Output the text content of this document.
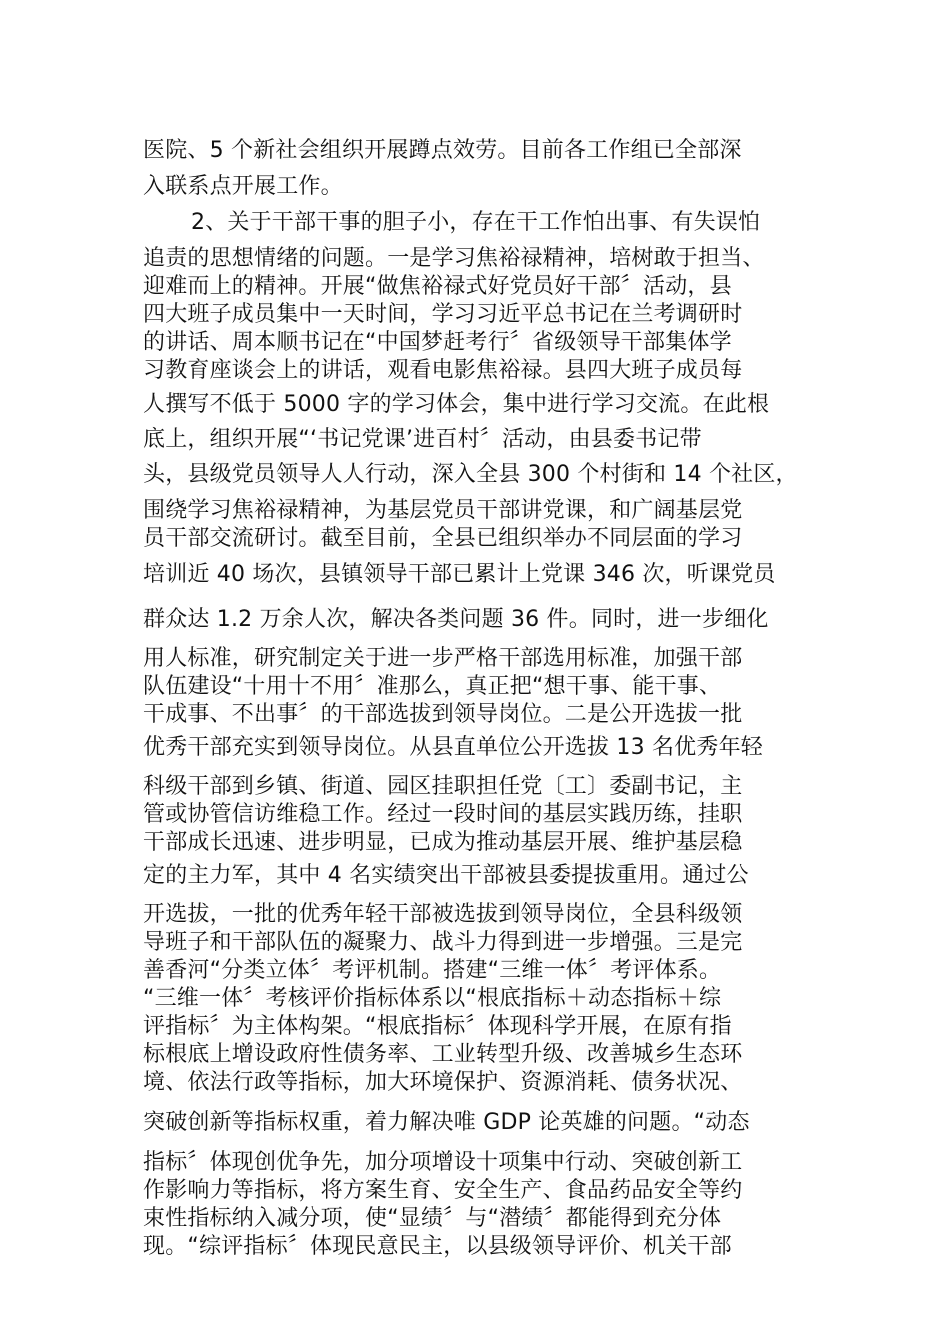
医院、5 个新社会组织开展蹲点效劳。目前各工作组已全部深
入联系点开展工作。
2、关于干部干事的胆子小，存在干工作怕出事、有失误怕
追责的思想情绪的问题。一是学习焦裕禄精神，培树敢于担当、
迎难而上的精神。开展“做焦裕禄式好党员好干部〞活动，县
四大班子成员集中一天时间，学习习近平总书记在兰考调研时
的讲话、周本顺书记在“中国梦赶考行〞省级领导干部集体学
习教育座谈会上的讲话，观看电影焦裕禄。县四大班子成员每
人撰写不低于 5000 字的学习体会，集中进行学习交流。在此根
底上，组织开展“‘书记党课’进百村〞活动，由县委书记带
头，县级党员领导人人行动，深入全县 300 个村街和 14 个社区，
围绕学习焦裕禄精神，为基层党员干部讲党课，和广阔基层党
员干部交流研讨。截至目前，全县已组织举办不同层面的学习
培训近 40 场次，县镇领导干部已累计上党课 346 次，听课党员
群众达 1.2 万余人次，解决各类问题 36 件。同时，进一步细化
用人标准，研究制定关于进一步严格干部选用标准，加强干部
队伍建设“十用十不用〞准那么，真正把“想干事、能干事、
干成事、不出事〞的干部选拔到领导岗位。二是公开选拔一批
优秀干部充实到领导岗位。从县直单位公开选拔 13 名优秀年轻
科级干部到乡镇、街道、园区挂职担任党〔工〕委副书记，主
管或协管信访维稳工作。经过一段时间的基层实践历练，挂职
干部成长迅速、进步明显，已成为推动基层开展、维护基层稳
定的主力军，其中 4 名实绩突出干部被县委提拔重用。通过公
开选拔，一批的优秀年轻干部被选拔到领导岗位，全县科级领
导班子和干部队伍的凝聚力、战斗力得到进一步增强。三是完
善香河“分类立体〞考评机制。搭建“三维一体〞考评体系。
“三维一体〞考核评价指标体系以“根底指标＋动态指标＋综
评指标〞为主体构架。“根底指标〞体现科学开展，在原有指
标根底上增设政府性债务率、工业转型升级、改善城乡生态环
境、依法行政等指标，加大环境保护、资源消耗、债务状况、
突破创新等指标权重，着力解决唯 GDP 论英雄的问题。“动态
指标〞体现创优争先，加分项增设十项集中行动、突破创新工
作影响力等指标，将方案生育、安全生产、食品药品安全等约
束性指标纳入减分项，使“显绩〞与“潜绩〞都能得到充分体
现。“综评指标〞体现民意民主，以县级领导评价、机关干部
